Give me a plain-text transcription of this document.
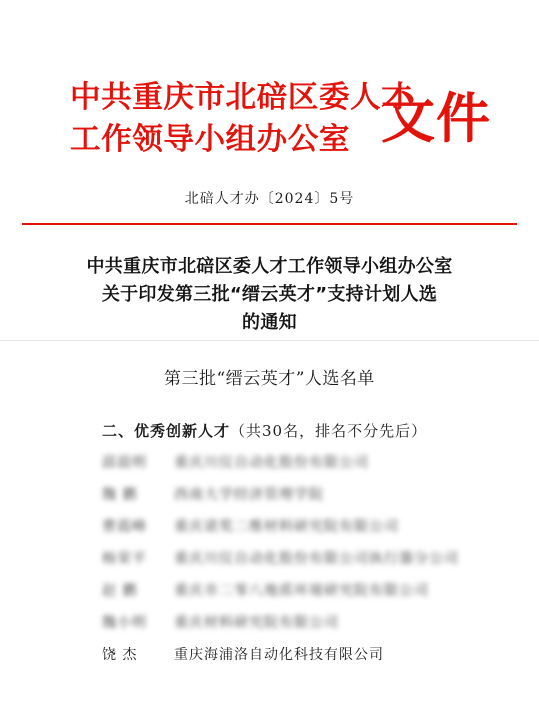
中共重庆市北碚区委人才
工作领导小组办公室 文件
北碚人才办〔2024〕5号
中共重庆市北碚区委人才工作领导小组办公室
关于印发第三批“缙云英才”支持计划人选
的通知
第三批“缙云英才”人选名单
二、优秀创新人才（共30名，排名不分先后）
邱晨明	重庆川仪自动化股份有限公司
魏 鹏	西南大学经济管理学院
曹霞峰	重庆诺奖二维材料研究院有限公司
杨荣平	重庆川仪自动化股份有限公司执行器分公司
赵 鹏	重庆市二零八地质环境研究院有限公司
魏小明	重庆材料研究院有限公司
饶 杰	重庆海浦洛自动化科技有限公司
